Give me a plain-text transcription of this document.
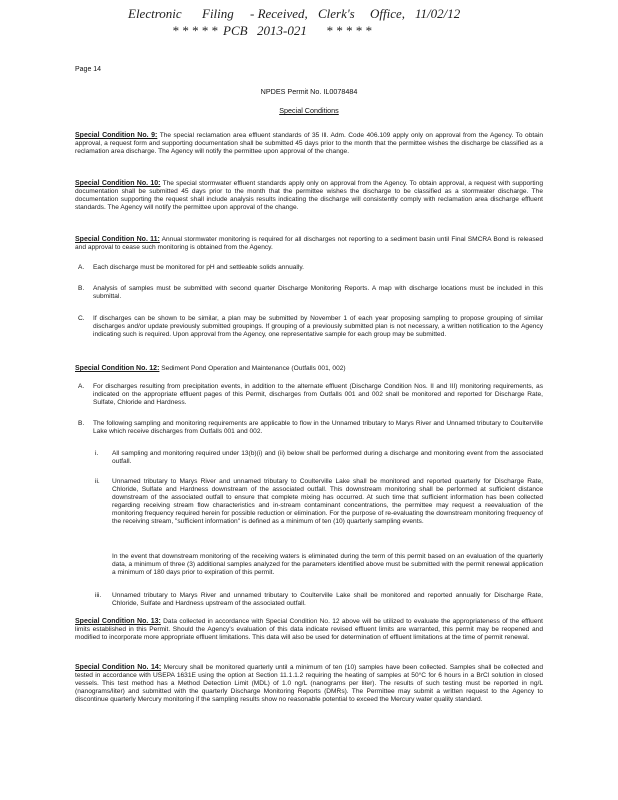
Electronic Filing - Received, Clerk's Office, 11/02/12
* * * * * PCB 2013-021 * * * * *
Page 14
NPDES Permit No. IL0078484
Special Conditions
Special Condition No. 9: The special reclamation area effluent standards of 35 Ill. Adm. Code 406.109 apply only on approval from the Agency. To obtain approval, a request form and supporting documentation shall be submitted 45 days prior to the month that the permittee wishes the discharge be classified as a reclamation area discharge. The Agency will notify the permittee upon approval of the change.
Special Condition No. 10: The special stormwater effluent standards apply only on approval from the Agency. To obtain approval, a request with supporting documentation shall be submitted 45 days prior to the month that the permittee wishes the discharge to be classified as a stormwater discharge. The documentation supporting the request shall include analysis results indicating the discharge will consistently comply with reclamation area discharge effluent standards. The Agency will notify the permittee upon approval of the change.
Special Condition No. 11: Annual stormwater monitoring is required for all discharges not reporting to a sediment basin until Final SMCRA Bond is released and approval to cease such monitoring is obtained from the Agency.
A. Each discharge must be monitored for pH and settleable solids annually.
B. Analysis of samples must be submitted with second quarter Discharge Monitoring Reports. A map with discharge locations must be included in this submittal.
C. If discharges can be shown to be similar, a plan may be submitted by November 1 of each year proposing sampling to propose grouping of similar discharges and/or update previously submitted groupings. If grouping of a previously submitted plan is not necessary, a written notification to the Agency indicating such is required. Upon approval from the Agency, one representative sample for each group may be submitted.
Special Condition No. 12: Sediment Pond Operation and Maintenance (Outfalls 001, 002)
A. For discharges resulting from precipitation events, in addition to the alternate effluent (Discharge Condition Nos. II and III) monitoring requirements, as indicated on the appropriate effluent pages of this Permit, discharges from Outfalls 001 and 002 shall be monitored and reported for Discharge Rate, Sulfate, Chloride and Hardness.
B. The following sampling and monitoring requirements are applicable to flow in the Unnamed tributary to Marys River and Unnamed tributary to Coulterville Lake which receive discharges from Outfalls 001 and 002.
i. All sampling and monitoring required under 13(b)(i) and (ii) below shall be performed during a discharge and monitoring event from the associated outfall.
ii. Unnamed tributary to Marys River and unnamed tributary to Coulterville Lake shall be monitored and reported quarterly for Discharge Rate, Chloride, Sulfate and Hardness downstream of the associated outfall. This downstream monitoring shall be performed at sufficient distance downstream of the associated outfall to ensure that complete mixing has occurred. At such time that sufficient information has been collected regarding receiving stream flow characteristics and in-stream contaminant concentrations, the permittee may request a reevaluation of the monitoring frequency required herein for possible reduction or elimination. For the purpose of re-evaluating the downstream monitoring frequency of the receiving stream, "sufficient information" is defined as a minimum of ten (10) quarterly sampling events.
In the event that downstream monitoring of the receiving waters is eliminated during the term of this permit based on an evaluation of the quarterly data, a minimum of three (3) additional samples analyzed for the parameters identified above must be submitted with the permit renewal application a minimum of 180 days prior to expiration of this permit.
iii. Unnamed tributary to Marys River and unnamed tributary to Coulterville Lake shall be monitored and reported annually for Discharge Rate, Chloride, Sulfate and Hardness upstream of the associated outfall.
Special Condition No. 13: Data collected in accordance with Special Condition No. 12 above will be utilized to evaluate the appropriateness of the effluent limits established in this Permit. Should the Agency's evaluation of this data indicate revised effluent limits are warranted, this permit may be reopened and modified to incorporate more appropriate effluent limitations. This data will also be used for determination of effluent limitations at the time of permit renewal.
Special Condition No. 14: Mercury shall be monitored quarterly until a minimum of ten (10) samples have been collected. Samples shall be collected and tested in accordance with USEPA 1631E using the option at Section 11.1.1.2 requiring the heating of samples at 50°C for 6 hours in a BrCl solution in closed vessels. This test method has a Method Detection Limit (MDL) of 1.0 ng/L (nanograms per liter). The results of such testing must be reported in ng/L (nanograms/liter) and submitted with the quarterly Discharge Monitoring Reports (DMRs). The Permittee may submit a written request to the Agency to discontinue quarterly Mercury monitoring if the sampling results show no reasonable potential to exceed the Mercury water quality standard.
